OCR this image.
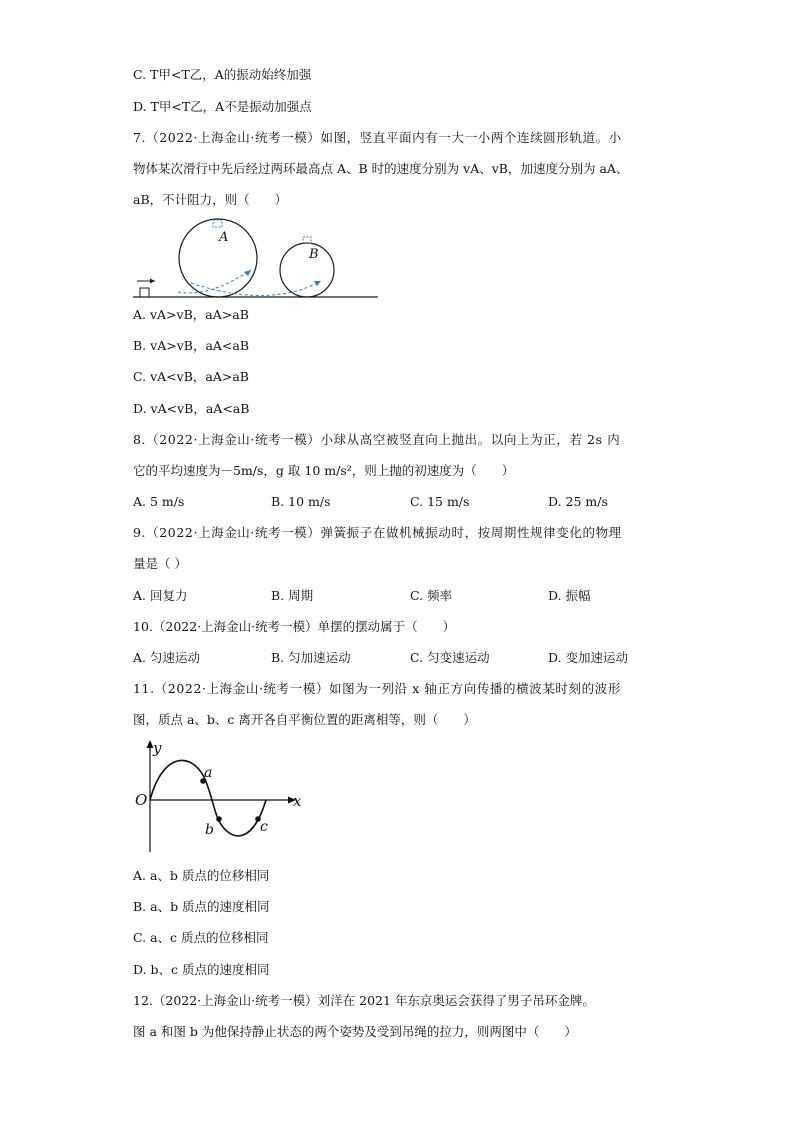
C. T甲<T乙，A的振动始终加强
D. T甲<T乙，A不是振动加强点
7.（2022·上海金山·统考一模）如图，竖直平面内有一大一小两个连续圆形轨道。小
物体某次滑行中先后经过两环最高点 A、B 时的速度分别为 vA、vB，加速度分别为 aA、
aB，不计阻力，则（　　）
A
B
A. vA>vB，aA>aB
B. vA>vB，aA<aB
C. vA<vB，aA>aB
D. vA<vB，aA<aB
8.（2022·上海金山·统考一模）小球从高空被竖直向上抛出。以向上为正，若 2s 内
它的平均速度为－5m/s，g 取 10 m/s²，则上抛的初速度为（　　）
A. 5 m/s	B. 10 m/s	C. 15 m/s	D. 25 m/s
9.（2022·上海金山·统考一模）弹簧振子在做机械振动时，按周期性规律变化的物理
量是（ ）
A. 回复力	B. 周期	C. 频率	D. 振幅
10.（2022·上海金山·统考一模）单摆的摆动属于（　　）
A. 匀速运动	B. 匀加速运动	C. 匀变速运动	D. 变加速运动
11.（2022·上海金山·统考一模）如图为一列沿 x 轴正方向传播的横波某时刻的波形
图，质点 a、b、c 离开各自平衡位置的距离相等，则（　　）
y
x
O
a
b	c
A. a、b 质点的位移相同
B. a、b 质点的速度相同
C. a、c 质点的位移相同
D. b、c 质点的速度相同
12.（2022·上海金山·统考一模）刘洋在 2021 年东京奥运会获得了男子吊环金牌。
图 a 和图 b 为他保持静止状态的两个姿势及受到吊绳的拉力，则两图中（　　）
